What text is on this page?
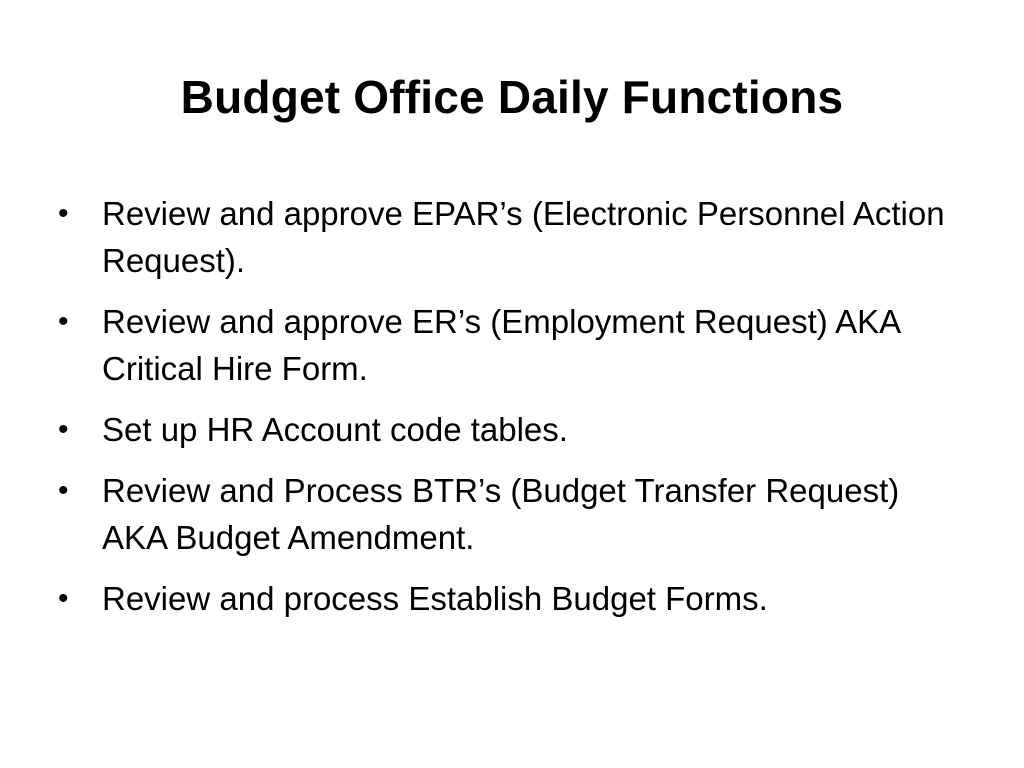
Budget Office Daily Functions
•	Review and approve EPAR’s (Electronic Personnel Action Request).
•	Review and approve ER’s (Employment Request) AKA Critical Hire Form.
•	Set up HR Account code tables.
•	Review and Process BTR’s (Budget Transfer Request) AKA Budget Amendment.
•	Review and process Establish Budget Forms.
